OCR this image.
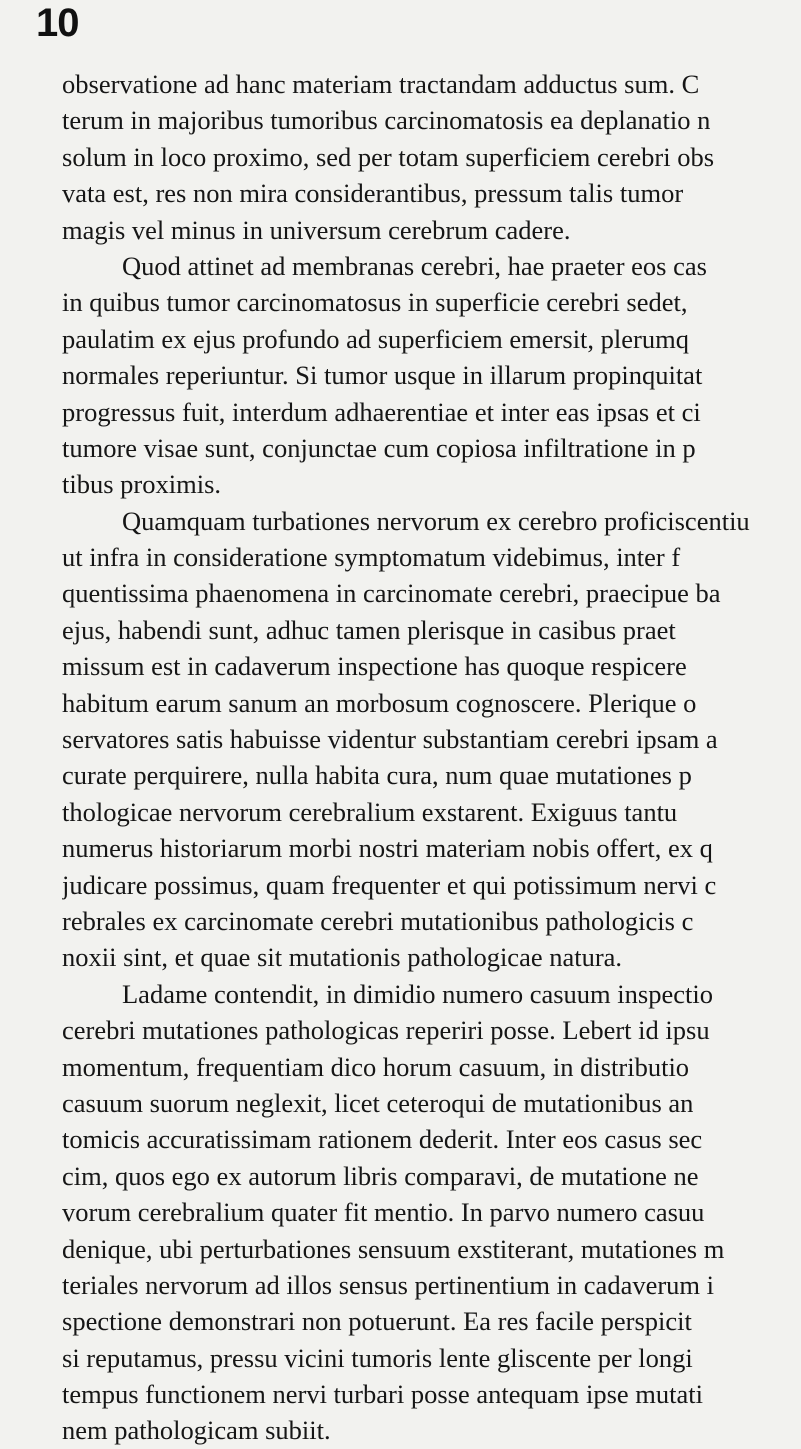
10
observatione ad hanc materiam tractandam adductus sum. C
terum in majoribus tumoribus carcinomatosis ea deplanatio n
solum in loco proximo, sed per totam superficiem cerebri obs
vata est, res non mira considerantibus, pressum talis tumor
magis vel minus in universum cerebrum cadere.
Quod attinet ad membranas cerebri, hae praeter eos cas
in quibus tumor carcinomatosus in superficie cerebri sedet,
paulatim ex ejus profundo ad superficiem emersit, plerumq
normales reperiuntur. Si tumor usque in illarum propinquitat
progressus fuit, interdum adhaerentiae et inter eas ipsas et ci
tumore visae sunt, conjunctae cum copiosa infiltratione in p
tibus proximis.
Quamquam turbationes nervorum ex cerebro proficiscentiu
ut infra in consideratione symptomatum videbimus, inter f
quentissima phaenomena in carcinomate cerebri, praecipue ba
ejus, habendi sunt, adhuc tamen plerisque in casibus praet
missum est in cadaverum inspectione has quoque respicere
habitum earum sanum an morbosum cognoscere. Plerique o
servatores satis habuisse videntur substantiam cerebri ipsam a
curate perquirere, nulla habita cura, num quae mutationes p
thologicae nervorum cerebralium exstarent. Exiguus tantu
numerus historiarum morbi nostri materiam nobis offert, ex q
judicare possimus, quam frequenter et qui potissimum nervi c
rebrales ex carcinomate cerebri mutationibus pathologicis c
noxii sint, et quae sit mutationis pathologicae natura.
Ladame contendit, in dimidio numero casuum inspectio
cerebri mutationes pathologicas reperiri posse. Lebert id ipsu
momentum, frequentiam dico horum casuum, in distributio
casuum suorum neglexit, licet ceteroqui de mutationibus an
tomicis accuratissimam rationem dederit. Inter eos casus sec
cim, quos ego ex autorum libris comparavi, de mutatione ne
vorum cerebralium quater fit mentio. In parvo numero casuu
denique, ubi perturbationes sensuum exstiterant, mutationes m
teriales nervorum ad illos sensus pertinentium in cadaverum i
spectione demonstrari non potuerunt. Ea res facile perspicit
si reputamus, pressu vicini tumoris lente gliscente per longi
tempus functionem nervi turbari posse antequam ipse mutati
nem pathologicam subiit.
